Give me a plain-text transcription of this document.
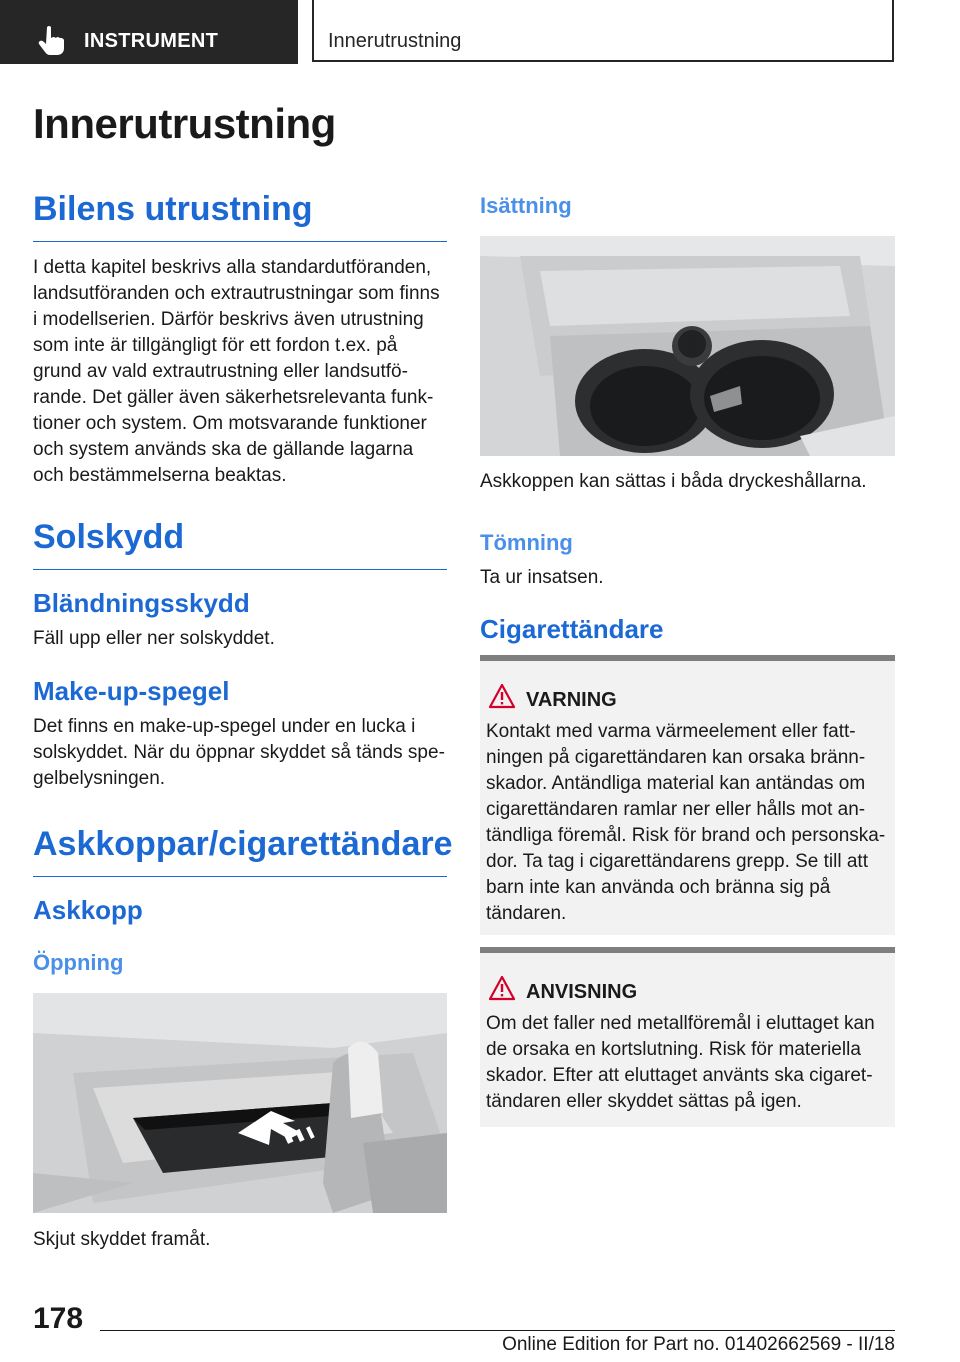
INSTRUMENT	Innerutrustning
Innerutrustning
Bilens utrustning

I detta kapitel beskrivs alla standardutföranden, landsutföranden och extrautrustningar som finns i modellserien. Därför beskrivs även utrustning som inte är tillgängligt för ett fordon t.ex. på grund av vald extrautrustning eller landsutförande. Det gäller även säkerhetsrelevanta funktioner och system. Om motsvarande funktioner och system används ska de gällande lagarna och bestämmelserna beaktas.

Solskydd
Bländningsskydd

Fäll upp eller ner solskyddet.

Make-up-spegel

Det finns en make-up-spegel under en lucka i solskyddet. När du öppnar skyddet så tänds spegelbelysningen.

Askkoppar/cigarettändare
Askkopp
Öppning

Skjut skyddet framåt.

Isättning

Askkoppen kan sättas i båda dryckeshållarna.

Tömning

Ta ur insatsen.

Cigarettändare
VARNING

Kontakt med varma värmeelement eller fattningen på cigarettändaren kan orsaka brännskador. Antändliga material kan antändas om cigarettändaren ramlar ner eller hålls mot antändliga föremål. Risk för brand och personskador. Ta tag i cigarettändarens grepp. Se till att barn inte kan använda och bränna sig på tändaren.

ANVISNING

Om det faller ned metallföremål i eluttaget kan de orsaka en kortslutning. Risk för materiella skador. Efter att eluttaget använts ska cigarettändaren eller skyddet sättas på igen.

178

Online Edition for Part no. 01402662569 - II/18
